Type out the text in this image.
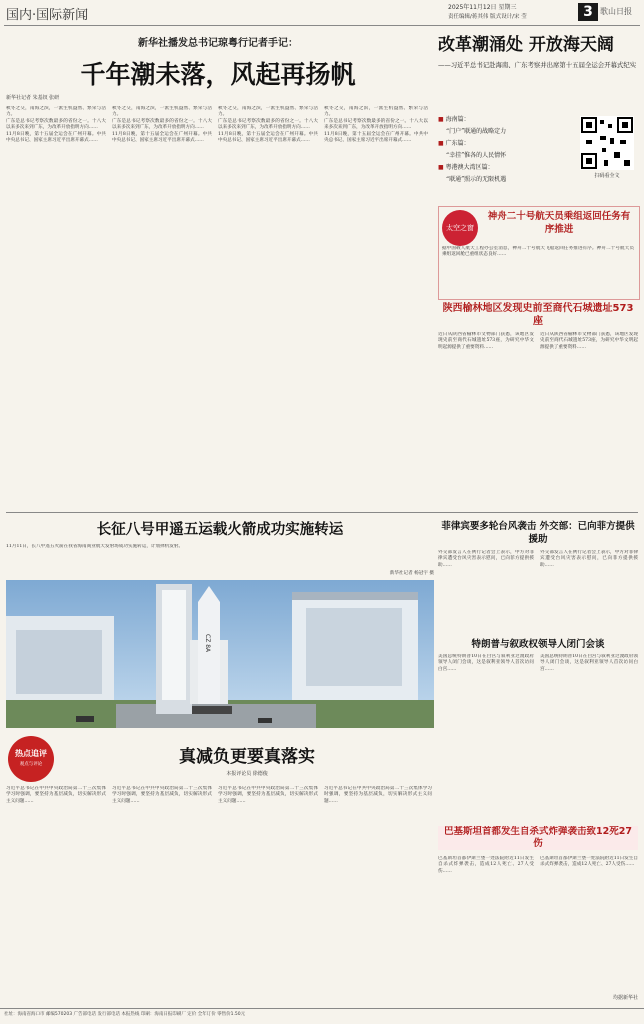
国内·国际新闻
2025年11月12日 星期三
责任编辑/蒋其伟 版式设计/宋 莹	3 歌山日报
新华社播发总书记琼粤行记者手记：
千年潮未落，风起再扬帆
新华社记者 朱基钗 张研
秋冬之交，南海之滨，一派生机盎然、繁荣与活力。
广东是总书记考察次数最多的省份之一。十八大以来多次来到广东，为改革开放指明方向……
11月8日晚，第十五届全运会在广州开幕。中共中央总书记、国家主席习近平出席开幕式……
秋冬之交，南海之滨，一派生机盎然、繁荣与活力。
广东是总书记考察次数最多的省份之一。十八大以来多次来到广东，为改革开放指明方向……
11月8日晚，第十五届全运会在广州开幕。中共中央总书记、国家主席习近平出席开幕式……
秋冬之交，南海之滨，一派生机盎然、繁荣与活力。
广东是总书记考察次数最多的省份之一。十八大以来多次来到广东，为改革开放指明方向……
11月8日晚，第十五届全运会在广州开幕。中共中央总书记、国家主席习近平出席开幕式……
秋冬之交，南海之滨，一派生机盎然、繁荣与活力。
广东是总书记考察次数最多的省份之一。十八大以来多次来到广东，为改革开放指明方向……
11月8日晚，第十五届全运会在广州开幕。中共中央总书记、国家主席习近平出席开幕式……
改革潮涌处 开放海天阔
——习近平总书记赴海南、广东考察并出席第十五届全运会开幕式纪实
■ 海南篇：
“门户”联通的战略定力
■ 广东篇：
“幸挂”惟各的人民情怀
■ 粤港澳大湾区篇：
“联通”照示的无限机遇	扫码看全文
太空之窗
神舟二十号航天员乘组返回任务有序推进
据中国载人航天工程办公室消息，神舟二十号航天飞船返回任务推进有序。神舟二十号航天员乘组返回舱已重组状态良好……
陕西榆林地区发现史前至商代石城遗址573座
近日从陕西省榆林市文物部门获悉，该地区发现史前至商代石城遗址573座，为研究中华文明起源提供了重要资料……
近日从陕西省榆林市文物部门获悉，该地区发现史前至商代石城遗址573座，为研究中华文明起源提供了重要资料……
长征八号甲遥五运载火箭成功实施转运
11月11日，长八甲遥五火箭在我省海南商业航天发射场成功实施转运，计划择机发射。
新华社记者 杨冠宇 摄
CZ 8A
菲律宾要多轮台风袭击 外交部：已向菲方提供援助
外交部发言人在例行记者会上表示，中方对菲律宾遭受台风灾害表示慰问，已向菲方提供援助……
外交部发言人在例行记者会上表示，中方对菲律宾遭受台风灾害表示慰问，已向菲方提供援助……
特朗普与叙政权领导人闭门会谈
美国总统特朗普10日在白宫与叙利亚过渡政府领导人闭门会谈，这是叙利亚领导人首次访问白宫……
美国总统特朗普10日在白宫与叙利亚过渡政府领导人闭门会谈，这是叙利亚领导人首次访问白宫……
巴基斯坦首都发生自杀式炸弹袭击致12死27伤
巴基斯坦首都伊斯兰堡一处法院附近11日发生自杀式炸弹袭击，造成12人死亡、27人受伤……
巴基斯坦首都伊斯兰堡一处法院附近11日发生自杀式炸弹袭击，造成12人死亡、27人受伤……
均据新华社
热点追评
观点与评论	真减负更要真落实
本报评论员 徐德俊
习近平总书记在中共中央政治局第二十三次集体学习时强调，要坚持为基层减负，切实解决形式主义问题……
习近平总书记在中共中央政治局第二十三次集体学习时强调，要坚持为基层减负，切实解决形式主义问题……
习近平总书记在中共中央政治局第二十三次集体学习时强调，要坚持为基层减负，切实解决形式主义问题……
习近平总书记在中共中央政治局第二十三次集体学习时强调，要坚持为基层减负，切实解决形式主义问题……
社址：海南省海口市 邮编570203 广告部电话 发行部电话 本报热线 印刷：海南日报印刷厂 定价 全年订价 零售价1.50元
